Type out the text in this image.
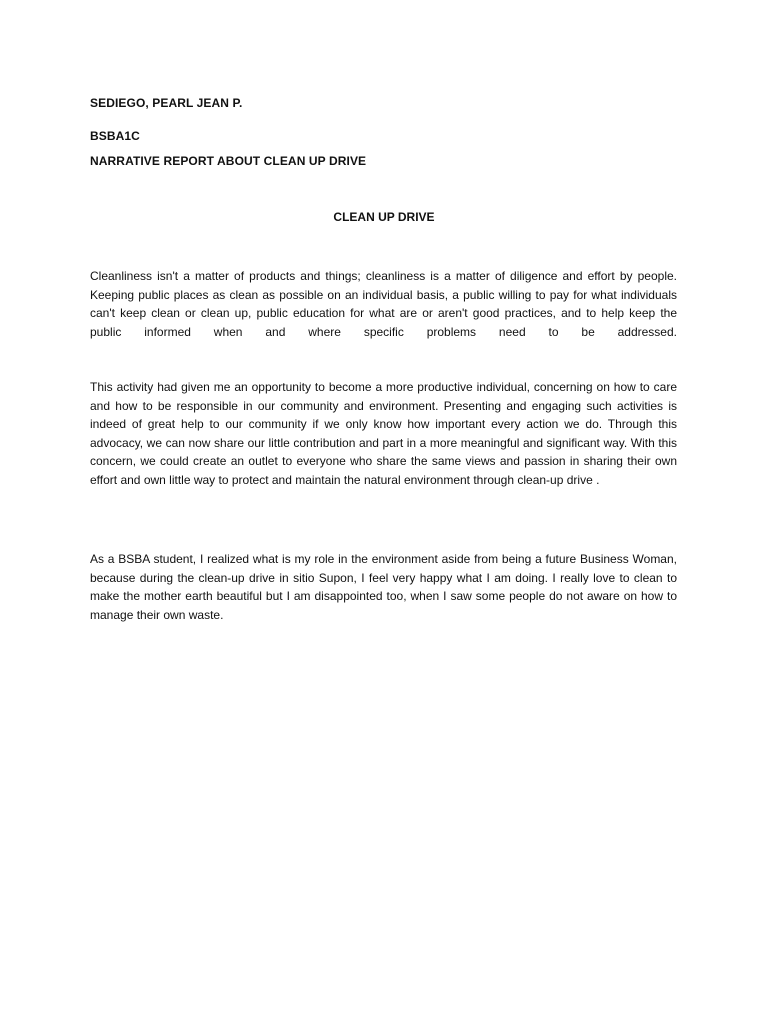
SEDIEGO, PEARL JEAN P.
BSBA1C
NARRATIVE REPORT ABOUT CLEAN UP DRIVE
CLEAN UP DRIVE

Cleanliness isn't a matter of products and things; cleanliness is a matter of diligence and effort by people. Keeping public places as clean as possible on an individual basis, a public willing to pay for what individuals can't keep clean or clean up, public education for what are or aren't good practices, and to help keep the public informed when and where specific problems need to be addressed.

This activity had given me an opportunity to become a more productive individual, concerning on how to care and how to be responsible in our community and environment. Presenting and engaging such activities is indeed of great help to our community if we only know how important every action we do. Through this advocacy, we can now share our little contribution and part in a more meaningful and significant way. With this concern, we could create an outlet to everyone who share the same views and passion in sharing their own effort and own little way to protect and maintain the natural environment through clean-up drive .

As a BSBA student, I realized what is my role in the environment aside from being a future Business Woman, because during the clean-up drive in sitio Supon, I feel very happy what I am doing. I really love to clean to make the mother earth beautiful but I am disappointed too, when I saw some people do not aware on how to manage their own waste.
